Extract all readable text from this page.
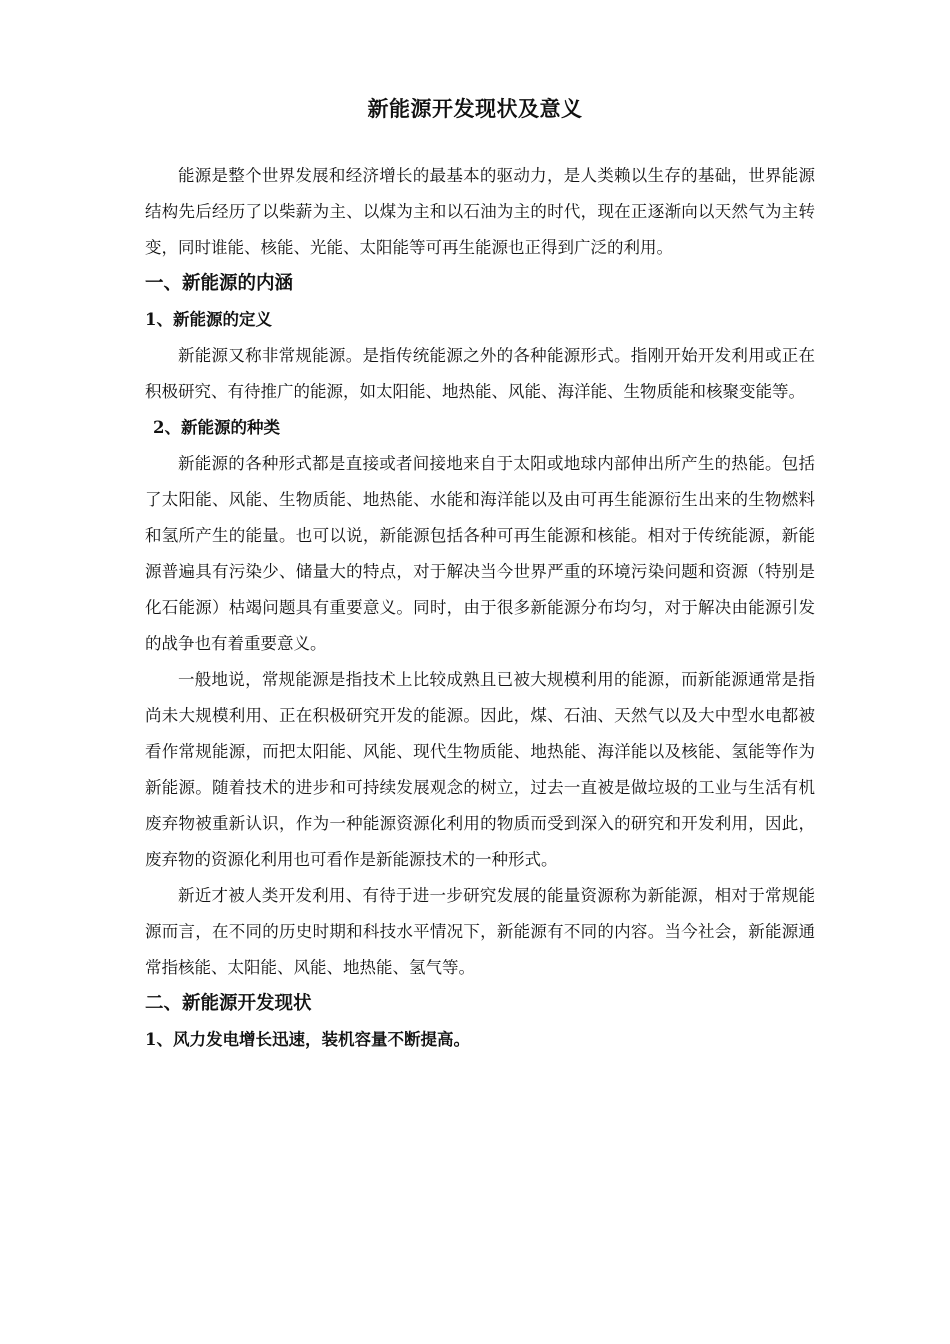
新能源开发现状及意义

能源是整个世界发展和经济增长的最基本的驱动力，是人类赖以生存的基础，世界能源结构先后经历了以柴薪为主、以煤为主和以石油为主的时代，现在正逐渐向以天然气为主转变，同时谁能、核能、光能、太阳能等可再生能源也正得到广泛的利用。

一、新能源的内涵
1、新能源的定义

新能源又称非常规能源。是指传统能源之外的各种能源形式。指刚开始开发利用或正在积极研究、有待推广的能源，如太阳能、地热能、风能、海洋能、生物质能和核聚变能等。

2、新能源的种类

新能源的各种形式都是直接或者间接地来自于太阳或地球内部伸出所产生的热能。包括了太阳能、风能、生物质能、地热能、水能和海洋能以及由可再生能源衍生出来的生物燃料和氢所产生的能量。也可以说，新能源包括各种可再生能源和核能。相对于传统能源，新能源普遍具有污染少、储量大的特点，对于解决当今世界严重的环境污染问题和资源（特别是化石能源）枯竭问题具有重要意义。同时，由于很多新能源分布均匀，对于解决由能源引发的战争也有着重要意义。

一般地说，常规能源是指技术上比较成熟且已被大规模利用的能源，而新能源通常是指尚未大规模利用、正在积极研究开发的能源。因此，煤、石油、天然气以及大中型水电都被看作常规能源，而把太阳能、风能、现代生物质能、地热能、海洋能以及核能、氢能等作为新能源。随着技术的进步和可持续发展观念的树立，过去一直被是做垃圾的工业与生活有机废弃物被重新认识，作为一种能源资源化利用的物质而受到深入的研究和开发利用，因此，废弃物的资源化利用也可看作是新能源技术的一种形式。

新近才被人类开发利用、有待于进一步研究发展的能量资源称为新能源，相对于常规能源而言，在不同的历史时期和科技水平情况下，新能源有不同的内容。当今社会，新能源通常指核能、太阳能、风能、地热能、氢气等。

二、新能源开发现状
1、风力发电增长迅速，装机容量不断提高。
